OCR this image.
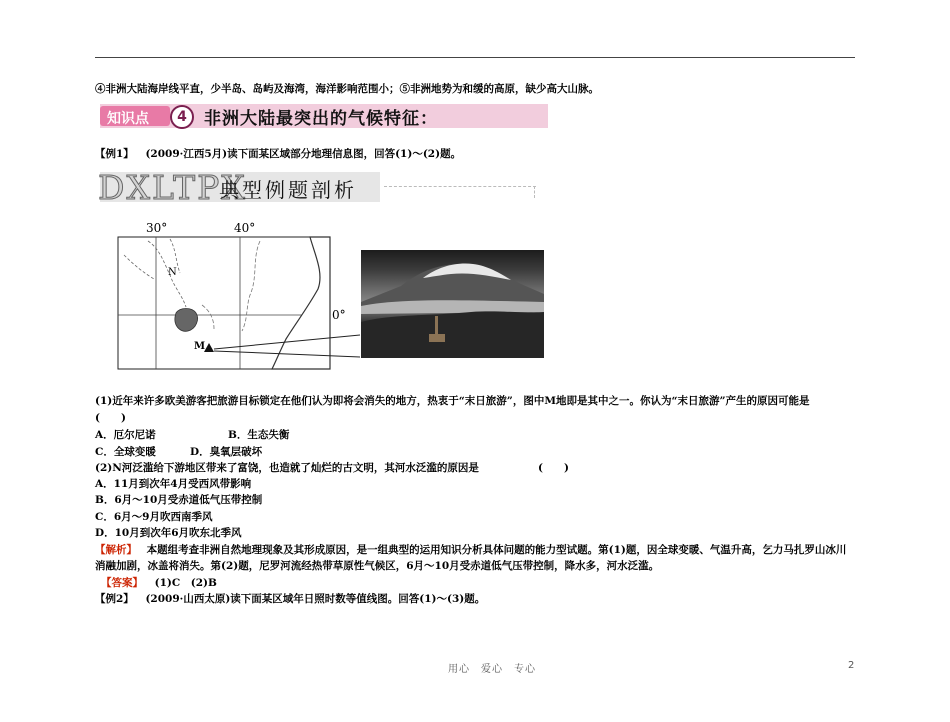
④非洲大陆海岸线平直，少半岛、岛屿及海湾，海洋影响范围小；⑤非洲地势为和缓的高原，缺少高大山脉。
知识点	4	非洲大陆最突出的气候特征：
【例1】 (2009·江西5月)读下面某区域部分地理信息图，回答(1)～(2)题。
DXLTPX
典型例题剖析
30°	40°
0°
N
M
(1)近年来许多欧美游客把旅游目标锁定在他们认为即将会消失的地方，热衷于“末日旅游”，图中M地即是其中之一。你认为“末日旅游”产生的原因可能是
(　　)
A．厄尔尼诺	B．生态失衡
C．全球变暖	D．臭氧层破坏
(2)N河泛滥给下游地区带来了富饶，也造就了灿烂的古文明，其河水泛滥的原因是	(　　)
A．11月到次年4月受西风带影响
B．6月～10月受赤道低气压带控制
C．6月～9月吹西南季风
D．10月到次年6月吹东北季风
【解析】 本题组考查非洲自然地理现象及其形成原因，是一组典型的运用知识分析具体问题的能力型试题。第(1)题，因全球变暖、气温升高，乞力马扎罗山冰川
消融加剧，冰盖将消失。第(2)题，尼罗河流经热带草原性气候区，6月～10月受赤道低气压带控制，降水多，河水泛滥。
【答案】 (1)C　(2)B
【例2】 (2009·山西太原)读下面某区域年日照时数等值线图。回答(1)～(3)题。
用心　爱心　专心	2
